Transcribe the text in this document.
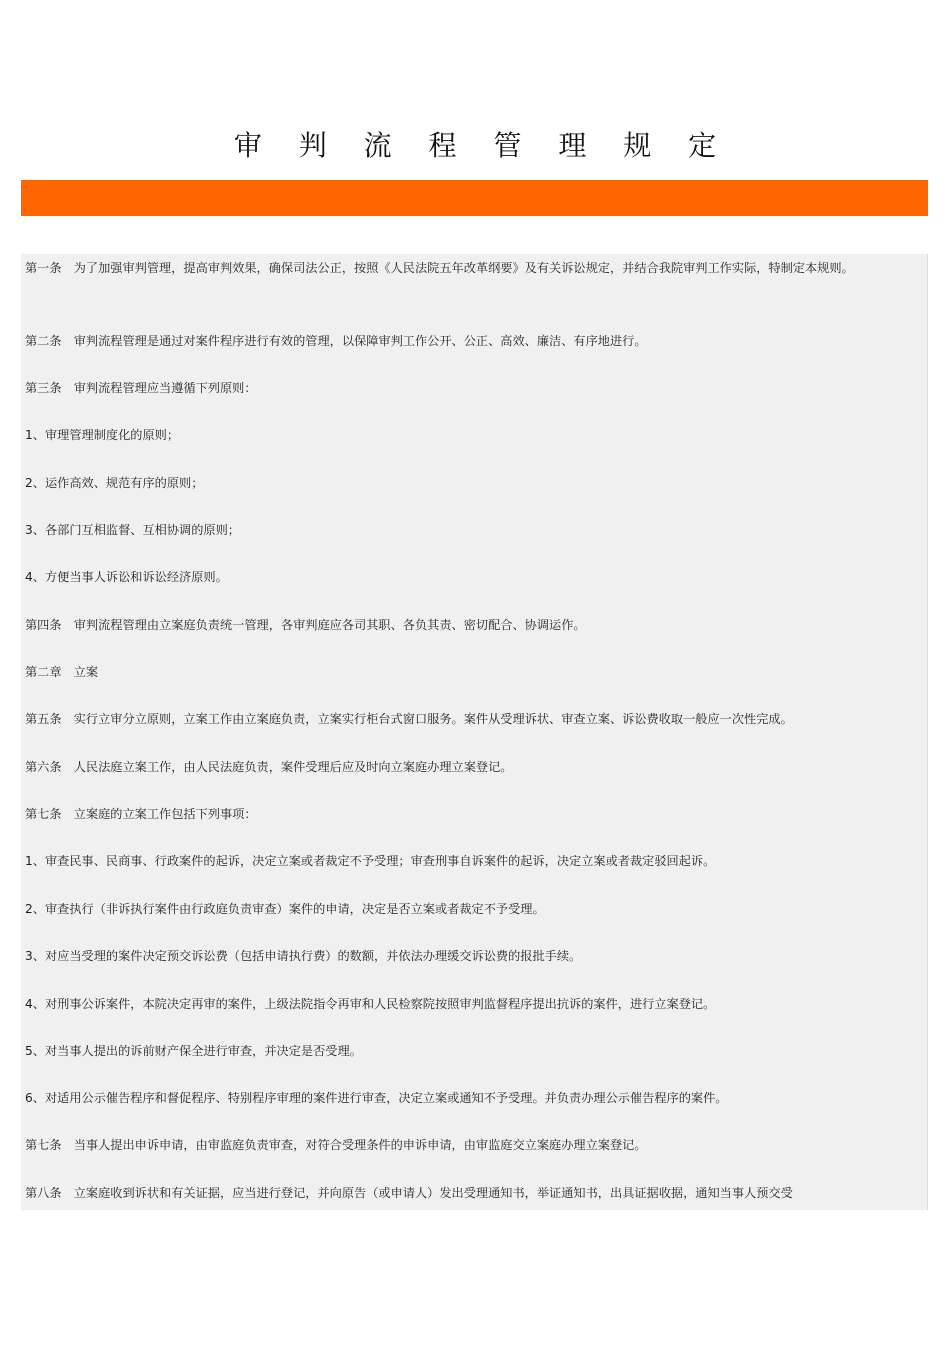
审 判 流 程 管 理 规 定
第一条　为了加强审判管理，提高审判效果，确保司法公正，按照《人民法院五年改革纲要》及有关诉讼规定，并结合我院审判工作实际，特制定本规则。
第二条　审判流程管理是通过对案件程序进行有效的管理，以保障审判工作公开、公正、高效、廉洁、有序地进行。
第三条　审判流程管理应当遵循下列原则：
1、审理管理制度化的原则；
2、运作高效、规范有序的原则；
3、各部门互相监督、互相协调的原则；
4、方便当事人诉讼和诉讼经济原则。
第四条　审判流程管理由立案庭负责统一管理，各审判庭应各司其职、各负其责、密切配合、协调运作。
第二章　立案
第五条　实行立审分立原则，立案工作由立案庭负责，立案实行柜台式窗口服务。案件从受理诉状、审查立案、诉讼费收取一般应一次性完成。
第六条　人民法庭立案工作，由人民法庭负责，案件受理后应及时向立案庭办理立案登记。
第七条　立案庭的立案工作包括下列事项：
1、审查民事、民商事、行政案件的起诉，决定立案或者裁定不予受理；审查刑事自诉案件的起诉，决定立案或者裁定驳回起诉。
2、审查执行（非诉执行案件由行政庭负责审查）案件的申请，决定是否立案或者裁定不予受理。
3、对应当受理的案件决定预交诉讼费（包括申请执行费）的数额，并依法办理缓交诉讼费的报批手续。
4、对刑事公诉案件，本院决定再审的案件，上级法院指令再审和人民检察院按照审判监督程序提出抗诉的案件，进行立案登记。
5、对当事人提出的诉前财产保全进行审查，并决定是否受理。
6、对适用公示催告程序和督促程序、特别程序审理的案件进行审查，决定立案或通知不予受理。并负责办理公示催告程序的案件。
第七条　当事人提出申诉申请，由审监庭负责审查，对符合受理条件的申诉申请，由审监庭交立案庭办理立案登记。
第八条　立案庭收到诉状和有关证据，应当进行登记，并向原告（或申请人）发出受理通知书，举证通知书，出具证据收据，通知当事人预交受
